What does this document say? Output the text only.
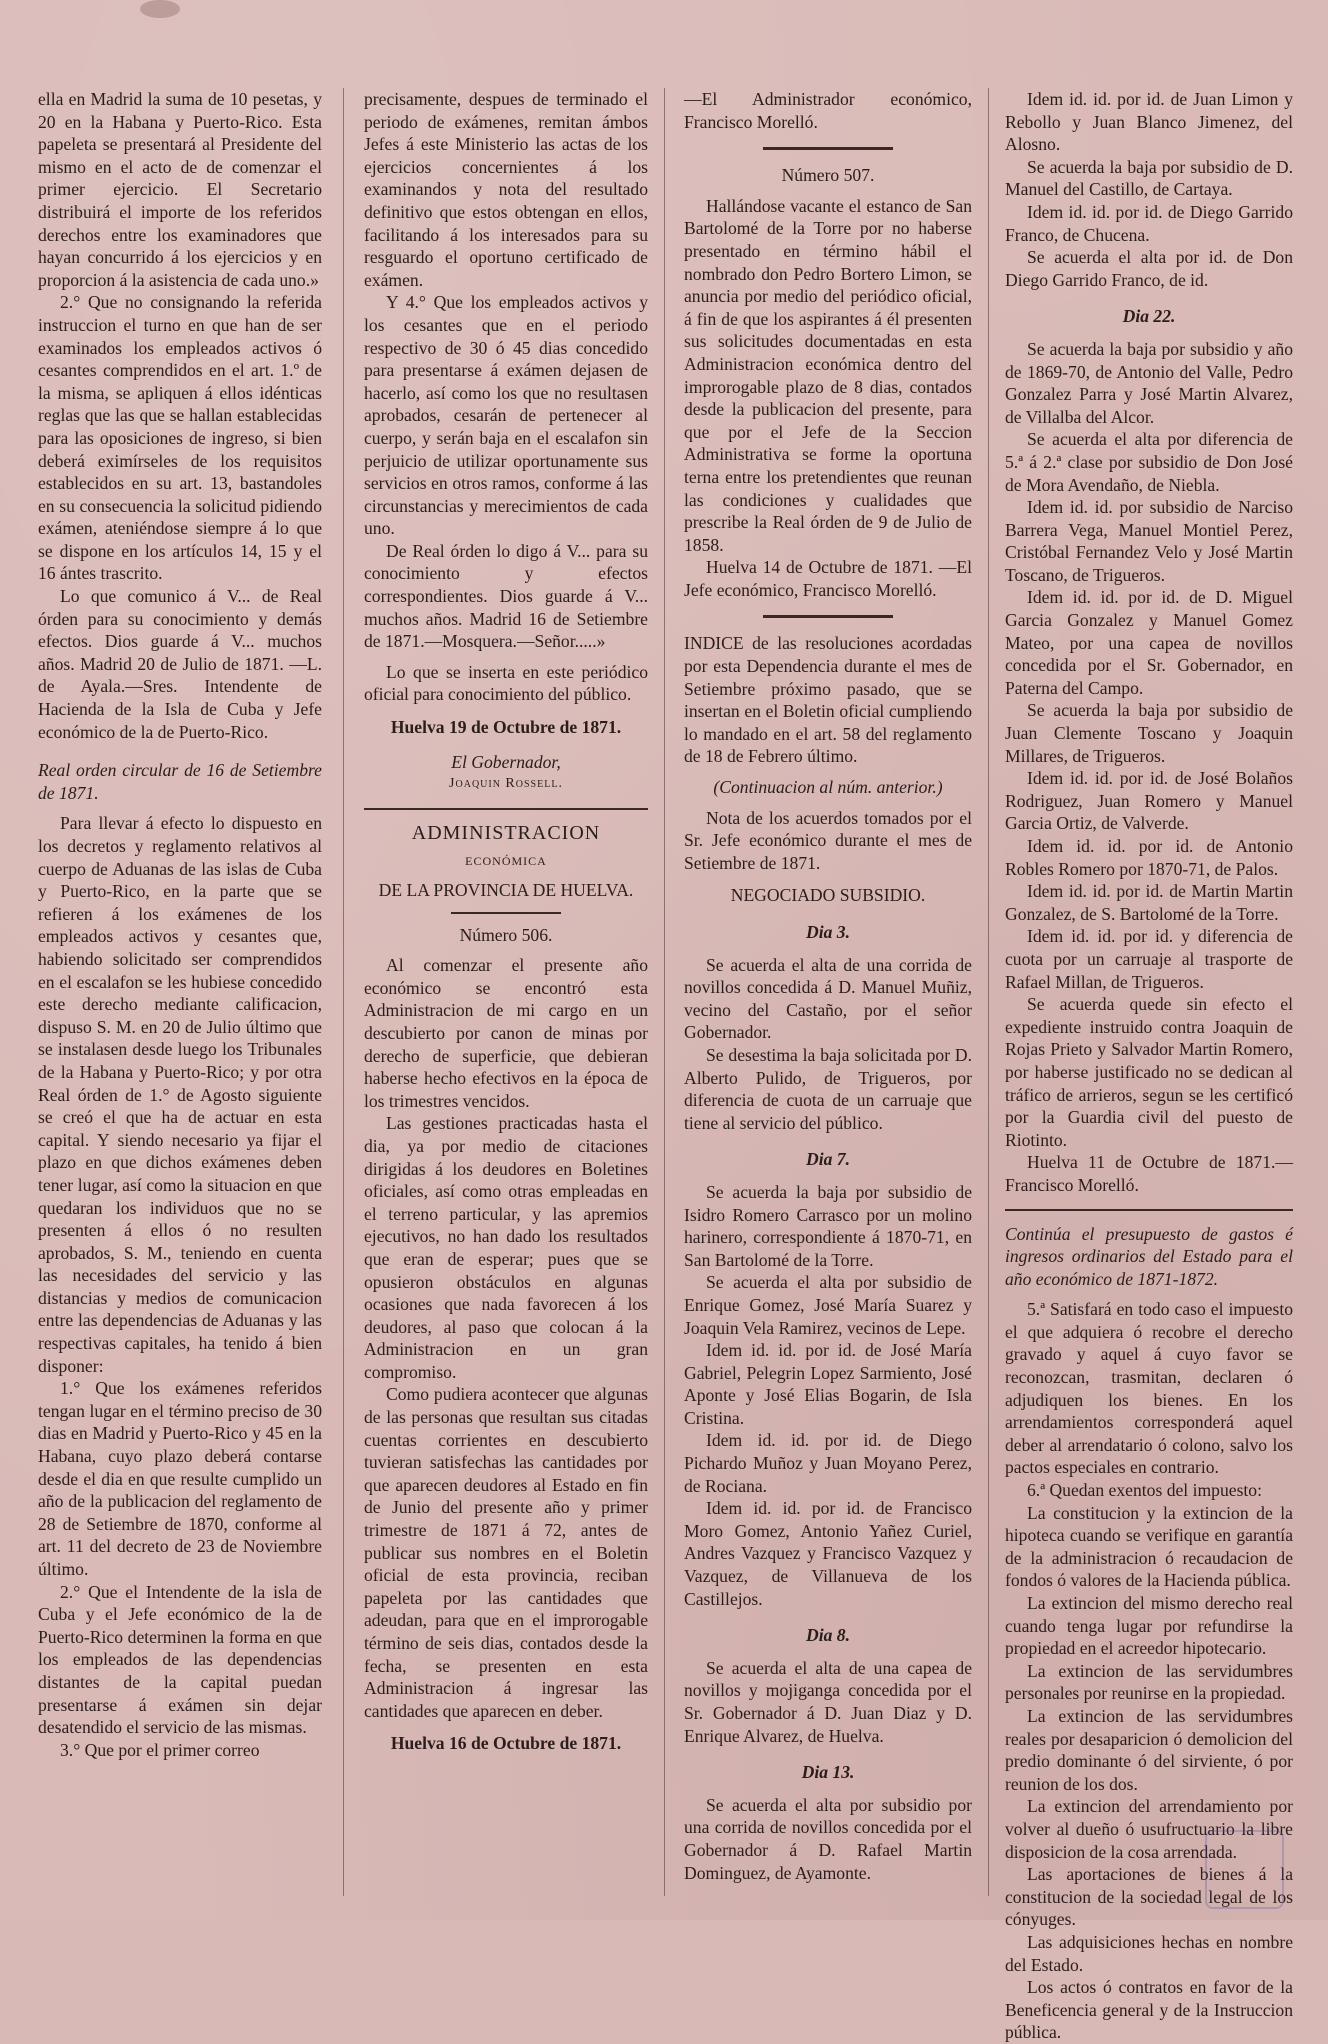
ella en Madrid la suma de 10 pesetas, y 20 en la Habana y Puerto-Rico. Esta papeleta se presentará al Presidente del mismo en el acto de de comenzar el primer ejercicio. El Secretario distribuirá el importe de los referidos derechos entre los examinadores que hayan concurrido á los ejercicios y en proporcion á la asistencia de cada uno.»

2.° Que no consignando la referida instruccion el turno en que han de ser examinados los empleados activos ó cesantes comprendidos en el art. 1.º de la misma, se apliquen á ellos idénticas reglas que las que se hallan establecidas para las oposiciones de ingreso, si bien deberá eximírseles de los requisitos establecidos en su art. 13, bastandoles en su consecuencia la solicitud pidiendo exámen, ateniéndose siempre á lo que se dispone en los artículos 14, 15 y el 16 ántes trascrito.

Lo que comunico á V... de Real órden para su conocimiento y demás efectos. Dios guarde á V... muchos años. Madrid 20 de Julio de 1871. —L. de Ayala.—Sres. Intendente de Hacienda de la Isla de Cuba y Jefe económico de la de Puerto-Rico.

Real orden circular de 16 de Setiembre de 1871.

Para llevar á efecto lo dispuesto en los decretos y reglamento relativos al cuerpo de Aduanas de las islas de Cuba y Puerto-Rico, en la parte que se refieren á los exámenes de los empleados activos y cesantes que, habiendo solicitado ser comprendidos en el escalafon se les hubiese concedido este derecho mediante calificacion, dispuso S. M. en 20 de Julio último que se instalasen desde luego los Tribunales de la Habana y Puerto-Rico; y por otra Real órden de 1.° de Agosto siguiente se creó el que ha de actuar en esta capital. Y siendo necesario ya fijar el plazo en que dichos exámenes deben tener lugar, así como la situacion en que quedaran los individuos que no se presenten á ellos ó no resulten aprobados, S. M., teniendo en cuenta las necesidades del servicio y las distancias y medios de comunicacion entre las dependencias de Aduanas y las respectivas capitales, ha tenido á bien disponer:

1.° Que los exámenes referidos tengan lugar en el término preciso de 30 dias en Madrid y Puerto-Rico y 45 en la Habana, cuyo plazo deberá contarse desde el dia en que resulte cumplido un año de la publicacion del reglamento de 28 de Setiembre de 1870, conforme al art. 11 del decreto de 23 de Noviembre último.

2.° Que el Intendente de la isla de Cuba y el Jefe económico de la de Puerto-Rico determinen la forma en que los empleados de las dependencias distantes de la capital puedan presentarse á exámen sin dejar desatendido el servicio de las mismas.

3.° Que por el primer correo

precisamente, despues de terminado el periodo de exámenes, remitan ámbos Jefes á este Ministerio las actas de los ejercicios concernientes á los examinandos y nota del resultado definitivo que estos obtengan en ellos, facilitando á los interesados para su resguardo el oportuno certificado de exámen.

Y 4.° Que los empleados activos y los cesantes que en el periodo respectivo de 30 ó 45 dias concedido para presentarse á exámen dejasen de hacerlo, así como los que no resultasen aprobados, cesarán de pertenecer al cuerpo, y serán baja en el escalafon sin perjuicio de utilizar oportunamente sus servicios en otros ramos, conforme á las circunstancias y merecimientos de cada uno.

De Real órden lo digo á V... para su conocimiento y efectos correspondientes. Dios guarde á V... muchos años. Madrid 16 de Setiembre de 1871.—Mosquera.—Señor.....»

Lo que se inserta en este periódico oficial para conocimiento del público.

Huelva 19 de Octubre de 1871.

El Gobernador,

Joaquin Rossell.

ADMINISTRACION

ECONÓMICA

DE LA PROVINCIA DE HUELVA.

Número 506.

Al comenzar el presente año económico se encontró esta Administracion de mi cargo en un descubierto por canon de minas por derecho de superficie, que debieran haberse hecho efectivos en la época de los trimestres vencidos.

Las gestiones practicadas hasta el dia, ya por medio de citaciones dirigidas á los deudores en Boletines oficiales, así como otras empleadas en el terreno particular, y las apremios ejecutivos, no han dado los resultados que eran de esperar; pues que se opusieron obstáculos en algunas ocasiones que nada favorecen á los deudores, al paso que colocan á la Administracion en un gran compromiso.

Como pudiera acontecer que algunas de las personas que resultan sus citadas cuentas corrientes en descubierto tuvieran satisfechas las cantidades por que aparecen deudores al Estado en fin de Junio del presente año y primer trimestre de 1871 á 72, antes de publicar sus nombres en el Boletin oficial de esta provincia, reciban papeleta por las cantidades que adeudan, para que en el improrogable término de seis dias, contados desde la fecha, se presenten en esta Administracion á ingresar las cantidades que aparecen en deber.

Huelva 16 de Octubre de 1871.

—El Administrador económico, Francisco Morelló.

Número 507.

Hallándose vacante el estanco de San Bartolomé de la Torre por no haberse presentado en término hábil el nombrado don Pedro Bortero Limon, se anuncia por medio del periódico oficial, á fin de que los aspirantes á él presenten sus solicitudes documentadas en esta Administracion económica dentro del improrogable plazo de 8 dias, contados desde la publicacion del presente, para que por el Jefe de la Seccion Administrativa se forme la oportuna terna entre los pretendientes que reunan las condiciones y cualidades que prescribe la Real órden de 9 de Julio de 1858.

Huelva 14 de Octubre de 1871. —El Jefe económico, Francisco Morelló.

INDICE de las resoluciones acordadas por esta Dependencia durante el mes de Setiembre próximo pasado, que se insertan en el Boletin oficial cumpliendo lo mandado en el art. 58 del reglamento de 18 de Febrero último.

(Continuacion al núm. anterior.)

Nota de los acuerdos tomados por el Sr. Jefe económico durante el mes de Setiembre de 1871.

NEGOCIADO SUBSIDIO.

Dia 3.

Se acuerda el alta de una corrida de novillos concedida á D. Manuel Muñiz, vecino del Castaño, por el señor Gobernador.

Se desestima la baja solicitada por D. Alberto Pulido, de Trigueros, por diferencia de cuota de un carruaje que tiene al servicio del público.

Dia 7.

Se acuerda la baja por subsidio de Isidro Romero Carrasco por un molino harinero, correspondiente á 1870-71, en San Bartolomé de la Torre.

Se acuerda el alta por subsidio de Enrique Gomez, José María Suarez y Joaquin Vela Ramirez, vecinos de Lepe.

Idem id. id. por id. de José María Gabriel, Pelegrin Lopez Sarmiento, José Aponte y José Elias Bogarin, de Isla Cristina.

Idem id. id. por id. de Diego Pichardo Muñoz y Juan Moyano Perez, de Rociana.

Idem id. id. por id. de Francisco Moro Gomez, Antonio Yañez Curiel, Andres Vazquez y Francisco Vazquez y Vazquez, de Villanueva de los Castillejos.

Dia 8.

Se acuerda el alta de una capea de novillos y mojiganga concedida por el Sr. Gobernador á D. Juan Diaz y D. Enrique Alvarez, de Huelva.

Dia 13.

Se acuerda el alta por subsidio por una corrida de novillos concedida por el Gobernador á D. Rafael Martin Dominguez, de Ayamonte.

Idem id. id. por id. de Juan Limon y Rebollo y Juan Blanco Jimenez, del Alosno.

Se acuerda la baja por subsidio de D. Manuel del Castillo, de Cartaya.

Idem id. id. por id. de Diego Garrido Franco, de Chucena.

Se acuerda el alta por id. de Don Diego Garrido Franco, de id.

Dia 22.

Se acuerda la baja por subsidio y año de 1869-70, de Antonio del Valle, Pedro Gonzalez Parra y José Martin Alvarez, de Villalba del Alcor.

Se acuerda el alta por diferencia de 5.ª á 2.ª clase por subsidio de Don José de Mora Avendaño, de Niebla.

Idem id. id. por subsidio de Narciso Barrera Vega, Manuel Montiel Perez, Cristóbal Fernandez Velo y José Martin Toscano, de Trigueros.

Idem id. id. por id. de D. Miguel Garcia Gonzalez y Manuel Gomez Mateo, por una capea de novillos concedida por el Sr. Gobernador, en Paterna del Campo.

Se acuerda la baja por subsidio de Juan Clemente Toscano y Joaquin Millares, de Trigueros.

Idem id. id. por id. de José Bolaños Rodriguez, Juan Romero y Manuel Garcia Ortiz, de Valverde.

Idem id. id. por id. de Antonio Robles Romero por 1870-71, de Palos.

Idem id. id. por id. de Martin Martin Gonzalez, de S. Bartolomé de la Torre.

Idem id. id. por id. y diferencia de cuota por un carruaje al trasporte de Rafael Millan, de Trigueros.

Se acuerda quede sin efecto el expediente instruido contra Joaquin de Rojas Prieto y Salvador Martin Romero, por haberse justificado no se dedican al tráfico de arrieros, segun se les certificó por la Guardia civil del puesto de Riotinto.

Huelva 11 de Octubre de 1871.— Francisco Morelló.

Continúa el presupuesto de gastos é ingresos ordinarios del Estado para el año económico de 1871-1872.

5.ª Satisfará en todo caso el impuesto el que adquiera ó recobre el derecho gravado y aquel á cuyo favor se reconozcan, trasmitan, declaren ó adjudiquen los bienes. En los arrendamientos corresponderá aquel deber al arrendatario ó colono, salvo los pactos especiales en contrario.

6.ª Quedan exentos del impuesto:

La constitucion y la extincion de la hipoteca cuando se verifique en garantía de la administracion ó recaudacion de fondos ó valores de la Hacienda pública.

La extincion del mismo derecho real cuando tenga lugar por refundirse la propiedad en el acreedor hipotecario.

La extincion de las servidumbres personales por reunirse en la propiedad.

La extincion de las servidumbres reales por desaparicion ó demolicion del predio dominante ó del sirviente, ó por reunion de los dos.

La extincion del arrendamiento por volver al dueño ó usufructuario la libre disposicion de la cosa arrendada.

Las aportaciones de bienes á la constitucion de la sociedad legal de los cónyuges.

Las adquisiciones hechas en nombre del Estado.

Los actos ó contratos en favor de la Beneficencia general y de la Instruccion pública.
